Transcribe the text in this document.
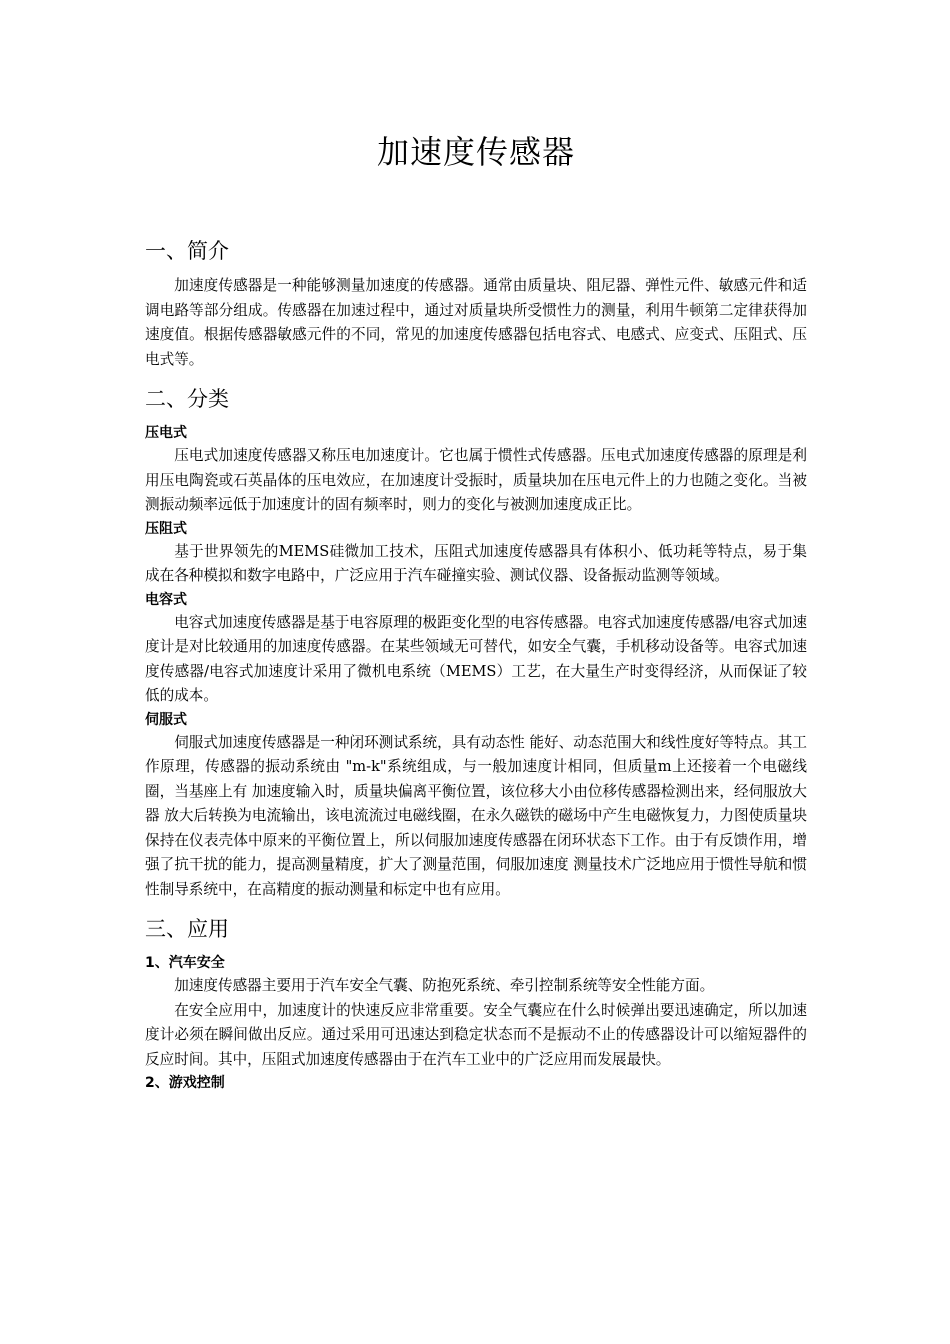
加速度传感器
一、简介

加速度传感器是一种能够测量加速度的传感器。通常由质量块、阻尼器、弹性元件、敏感元件和适调电路等部分组成。传感器在加速过程中，通过对质量块所受惯性力的测量，利用牛顿第二定律获得加速度值。根据传感器敏感元件的不同，常见的加速度传感器包括电容式、电感式、应变式、压阻式、压电式等。

二、分类
压电式

压电式加速度传感器又称压电加速度计。它也属于惯性式传感器。压电式加速度传感器的原理是利用压电陶瓷或石英晶体的压电效应，在加速度计受振时，质量块加在压电元件上的力也随之变化。当被测振动频率远低于加速度计的固有频率时，则力的变化与被测加速度成正比。

压阻式

基于世界领先的MEMS硅微加工技术，压阻式加速度传感器具有体积小、低功耗等特点，易于集成在各种模拟和数字电路中，广泛应用于汽车碰撞实验、测试仪器、设备振动监测等领域。

电容式

电容式加速度传感器是基于电容原理的极距变化型的电容传感器。电容式加速度传感器/电容式加速度计是对比较通用的加速度传感器。在某些领域无可替代，如安全气囊，手机移动设备等。电容式加速度传感器/电容式加速度计采用了微机电系统（MEMS）工艺，在大量生产时变得经济，从而保证了较低的成本。

伺服式

伺服式加速度传感器是一种闭环测试系统，具有动态性 能好、动态范围大和线性度好等特点。其工作原理，传感器的振动系统由 "m-k"系统组成，与一般加速度计相同，但质量m上还接着一个电磁线圈，当基座上有 加速度输入时，质量块偏离平衡位置，该位移大小由位移传感器检测出来，经伺服放大器 放大后转换为电流输出，该电流流过电磁线圈，在永久磁铁的磁场中产生电磁恢复力，力图使质量块保持在仪表壳体中原来的平衡位置上，所以伺服加速度传感器在闭环状态下工作。由于有反馈作用，增强了抗干扰的能力，提高测量精度，扩大了测量范围，伺服加速度 测量技术广泛地应用于惯性导航和惯性制导系统中，在高精度的振动测量和标定中也有应用。

三、应用
1、汽车安全

加速度传感器主要用于汽车安全气囊、防抱死系统、牵引控制系统等安全性能方面。

在安全应用中，加速度计的快速反应非常重要。安全气囊应在什么时候弹出要迅速确定，所以加速度计必须在瞬间做出反应。通过采用可迅速达到稳定状态而不是振动不止的传感器设计可以缩短器件的反应时间。其中，压阻式加速度传感器由于在汽车工业中的广泛应用而发展最快。

2、游戏控制
